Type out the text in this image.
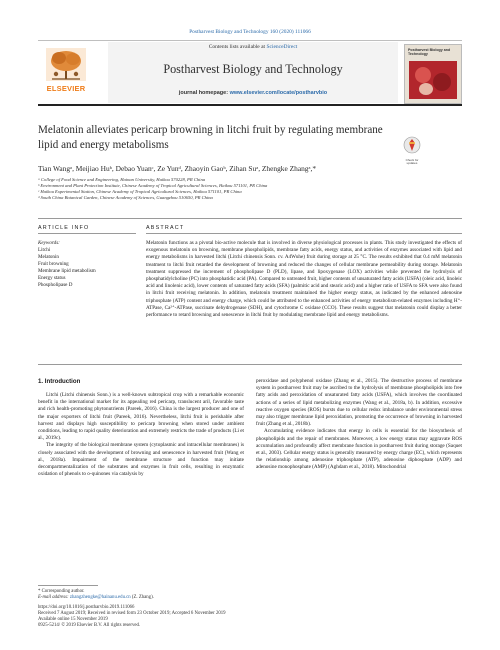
Postharvest Biology and Technology 160 (2020) 111066
ELSEVIER
Contents lists available at ScienceDirect
Postharvest Biology and Technology
journal homepage: www.elsevier.com/locate/postharvbio
Postharvest Biology and Technology
Melatonin alleviates pericarp browning in litchi fruit by regulating membrane lipid and energy metabolisms
Check for updates
Tian Wangᵃ, Meijiao Huᵇ, Debao Yuanᶜ, Ze Yunᵈ, Zhaoyin Gaoᵇ, Zihan Suᵃ, Zhengke Zhangᵃ,*
ᵃ College of Food Science and Engineering, Hainan University, Haikou 570228, PR China
ᵇ Environment and Plant Protection Institute, Chinese Academy of Tropical Agricultural Sciences, Haikou 571101, PR China
ᶜ Haikou Experimental Station, Chinese Academy of Tropical Agricultural Sciences, Haikou 571101, PR China
ᵈ South China Botanical Garden, Chinese Academy of Sciences, Guangzhou 510650, PR China
ARTICLE INFO	ABSTRACT
Keywords:
Litchi
Melatonin
Fruit browning
Membrane lipid metabolism
Energy status
Phospholipase D
Melatonin functions as a pivotal bio-active molecule that is involved in diverse physiological processes in plants. This study investigated the effects of exogenous melatonin on browning, membrane phospholipids, membrane fatty acids, energy status, and activities of enzymes associated with lipid and energy metabolisms in harvested litchi (Litchi chinensis Sonn. cv. A4Wuhe) fruit during storage at 25 °C. The results exhibited that 0.4 mM melatonin treatment to litchi fruit retarded the development of browning and reduced the changes of cellular membrane permeability during storage. Melatonin treatment suppressed the increment of phospholipase D (PLD), lipase, and lipoxygenase (LOX) activities while prevented the hydrolysis of phosphatidylcholine (PC) into phosphatidic acid (PA). Compared to untreated fruit, higher contents of unsaturated fatty acids (USFA) (oleic acid, linoleic acid and linolenic acid), lower contents of saturated fatty acids (SFA) (palmitic acid and stearic acid) and a higher ratio of USFA to SFA were also found in litchi fruit receiving melatonin. In addition, melatonin treatment maintained the higher energy status, as indicated by the enhanced adenosine triphosphate (ATP) content and energy charge, which could be attributed to the enhanced activities of energy metabolism-related enzymes including H⁺-ATPase, Ca²⁺-ATPase, succinate dehydrogenase (SDH), and cytochrome C oxidase (CCO). These results suggest that melatonin could display a better performance to retard browning and senescence in litchi fruit by modulating membrane lipid and energy metabolisms.
1. Introduction

Litchi (Litchi chinensis Sonn.) is a well-known subtropical crop with a remarkable economic benefit in the international market for its appealing red pericarp, translucent aril, favorable taste and rich health-promoting phytonutrients (Pareek, 2016). China is the largest producer and one of the major exporters of litchi fruit (Pareek, 2016). Nevertheless, litchi fruit is perishable after harvest and displays high susceptibility to pericarp browning when stored under ambient conditions, leading to rapid quality deterioration and extremely restricts the trade of products (Li et al., 2019c).

The integrity of the biological membrane system (cytoplasmic and intracellular membranes) is closely associated with the development of browning and senescence in harvested fruit (Wang et al., 2018a). Impairment of the membrane structure and function may initiate decompartmentalization of the substrates and enzymes in fruit cells, resulting in enzymatic oxidation of phenols to o-quinones via catalysis by

peroxidase and polyphenol oxidase (Zhang et al., 2015). The destructive process of membrane system in postharvest fruit may be ascribed to the hydrolysis of membrane phospholipids into free fatty acids and peroxidation of unsaturated fatty acids (USFA), which involves the coordinated actions of a series of lipid metabolizing enzymes (Wang et al., 2018a, b). In addition, excessive reactive oxygen species (ROS) bursts due to cellular redox imbalance under environmental stress may also trigger membrane lipid peroxidation, promoting the occurrence of browning in harvested fruit (Zhang et al., 2018b).

Accumulating evidence indicates that energy in cells is essential for the biosynthesis of phospholipids and the repair of membranes. Moreover, a low energy status may aggravate ROS accumulation and profoundly affect membrane function in postharvest fruit during storage (Saquet et al., 2003). Cellular energy status is generally measured by energy charge (EC), which represents the relationship among adenosine triphosphate (ATP), adenosine diphosphate (ADP) and adenosine monophosphate (AMP) (Aghdam et al., 2018). Mitochondrial

* Corresponding author.
E-mail address: zhangzhengke@hainanu.edu.cn (Z. Zhang).
https://doi.org/10.1016/j.postharvbio.2019.111066
Received 7 August 2019; Received in revised form 23 October 2019; Accepted 6 November 2019
Available online 15 November 2019
0925-5214/ © 2019 Elsevier B.V. All rights reserved.
